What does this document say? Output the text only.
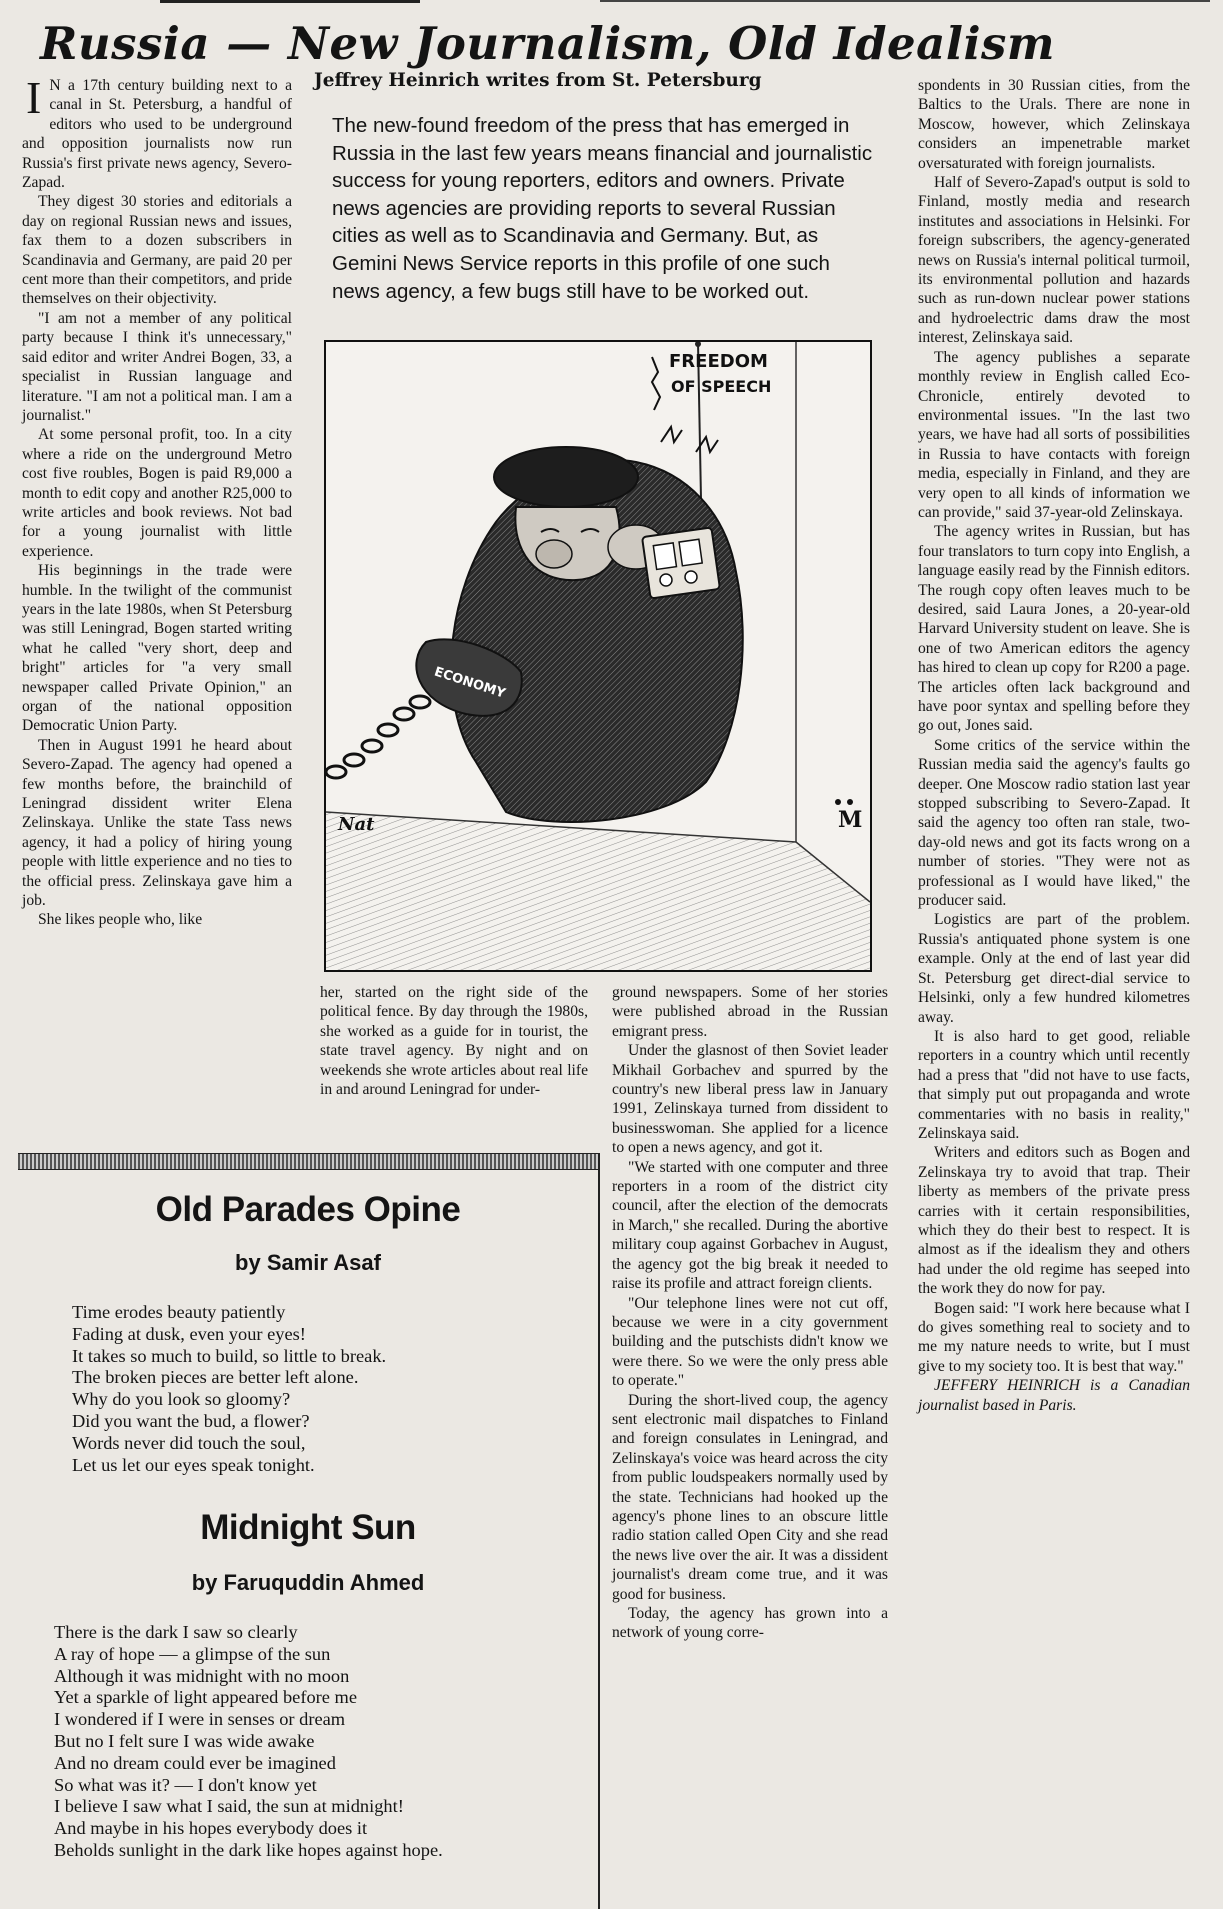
Russia — New Journalism, Old Idealism
I N a 17th century building next to a canal in St. Petersburg, a handful of editors who used to be underground and opposition journalists now run Russia's first private news agency, Severo-Zapad.

They digest 30 stories and editorials a day on regional Russian news and issues, fax them to a dozen subscribers in Scandinavia and Germany, are paid 20 per cent more than their competitors, and pride themselves on their objectivity.

"I am not a member of any political party because I think it's unnecessary," said editor and writer Andrei Bogen, 33, a specialist in Russian language and literature. "I am not a political man. I am a journalist."

At some personal profit, too. In a city where a ride on the underground Metro cost five roubles, Bogen is paid R9,000 a month to edit copy and another R25,000 to write articles and book reviews. Not bad for a young journalist with little experience.

His beginnings in the trade were humble. In the twilight of the communist years in the late 1980s, when St Petersburg was still Leningrad, Bogen started writing what he called "very short, deep and bright" articles for "a very small newspaper called Private Opinion," an organ of the national opposition Democratic Union Party.

Then in August 1991 he heard about Severo-Zapad. The agency had opened a few months before, the brainchild of Leningrad dissident writer Elena Zelinskaya. Unlike the state Tass news agency, it had a policy of hiring young people with little experience and no ties to the official press. Zelinskaya gave him a job.

She likes people who, like

Jeffrey Heinrich writes from St. Petersburg

The new-found freedom of the press that has emerged in Russia in the last few years means financial and journalistic success for young reporters, editors and owners. Private news agencies are providing reports to several Russian cities as well as to Scandinavia and Germany. But, as Gemini News Service reports in this profile of one such news agency, a few bugs still have to be worked out.

FREEDOM
OF SPEECH
ECONOMY
Nat	M

her, started on the right side of the political fence. By day through the 1980s, she worked as a guide for in tourist, the state travel agency. By night and on weekends she wrote articles about real life in and around Leningrad for under-

ground newspapers. Some of her stories were published abroad in the Russian emigrant press.

Under the glasnost of then Soviet leader Mikhail Gorbachev and spurred by the country's new liberal press law in January 1991, Zelinskaya turned from dissident to businesswoman. She applied for a licence to open a news agency, and got it.

"We started with one computer and three reporters in a room of the district city council, after the election of the democrats in March," she recalled. During the abortive military coup against Gorbachev in August, the agency got the big break it needed to raise its profile and attract foreign clients.

"Our telephone lines were not cut off, because we were in a city government building and the putschists didn't know we were there. So we were the only press able to operate."

During the short-lived coup, the agency sent electronic mail dispatches to Finland and foreign consulates in Leningrad, and Zelinskaya's voice was heard across the city from public loudspeakers normally used by the state. Technicians had hooked up the agency's phone lines to an obscure little radio station called Open City and she read the news live over the air. It was a dissident journalist's dream come true, and it was good for business.

Today, the agency has grown into a network of young corre-

spondents in 30 Russian cities, from the Baltics to the Urals. There are none in Moscow, however, which Zelinskaya considers an impenetrable market oversaturated with foreign journalists.

Half of Severo-Zapad's output is sold to Finland, mostly media and research institutes and associations in Helsinki. For foreign subscribers, the agency-generated news on Russia's internal political turmoil, its environmental pollution and hazards such as run-down nuclear power stations and hydroelectric dams draw the most interest, Zelinskaya said.

The agency publishes a separate monthly review in English called Eco-Chronicle, entirely devoted to environmental issues. "In the last two years, we have had all sorts of possibilities in Russia to have contacts with foreign media, especially in Finland, and they are very open to all kinds of information we can provide," said 37-year-old Zelinskaya.

The agency writes in Russian, but has four translators to turn copy into English, a language easily read by the Finnish editors. The rough copy often leaves much to be desired, said Laura Jones, a 20-year-old Harvard University student on leave. She is one of two American editors the agency has hired to clean up copy for R200 a page. The articles often lack background and have poor syntax and spelling before they go out, Jones said.

Some critics of the service within the Russian media said the agency's faults go deeper. One Moscow radio station last year stopped subscribing to Severo-Zapad. It said the agency too often ran stale, two-day-old news and got its facts wrong on a number of stories. "They were not as professional as I would have liked," the producer said.

Logistics are part of the problem. Russia's antiquated phone system is one example. Only at the end of last year did St. Petersburg get direct-dial service to Helsinki, only a few hundred kilometres away.

It is also hard to get good, reliable reporters in a country which until recently had a press that "did not have to use facts, that simply put out propaganda and wrote commentaries with no basis in reality," Zelinskaya said.

Writers and editors such as Bogen and Zelinskaya try to avoid that trap. Their liberty as members of the private press carries with it certain responsibilities, which they do their best to respect. It is almost as if the idealism they and others had under the old regime has seeped into the work they do now for pay.

Bogen said: "I work here because what I do gives something real to society and to me my nature needs to write, but I must give to my society too. It is best that way."

JEFFERY HEINRICH is a Canadian journalist based in Paris.

Old Parades Opine
by Samir Asaf
Time erodes beauty patiently
Fading at dusk, even your eyes!
It takes so much to build, so little to break.
The broken pieces are better left alone.
Why do you look so gloomy?
Did you want the bud, a flower?
Words never did touch the soul,
Let us let our eyes speak tonight.
Midnight Sun
by Faruquddin Ahmed
There is the dark I saw so clearly
A ray of hope — a glimpse of the sun
Although it was midnight with no moon
Yet a sparkle of light appeared before me
I wondered if I were in senses or dream
But no I felt sure I was wide awake
And no dream could ever be imagined
So what was it? — I don't know yet
I believe I saw what I said, the sun at midnight!
And maybe in his hopes everybody does it
Beholds sunlight in the dark like hopes against hope.
